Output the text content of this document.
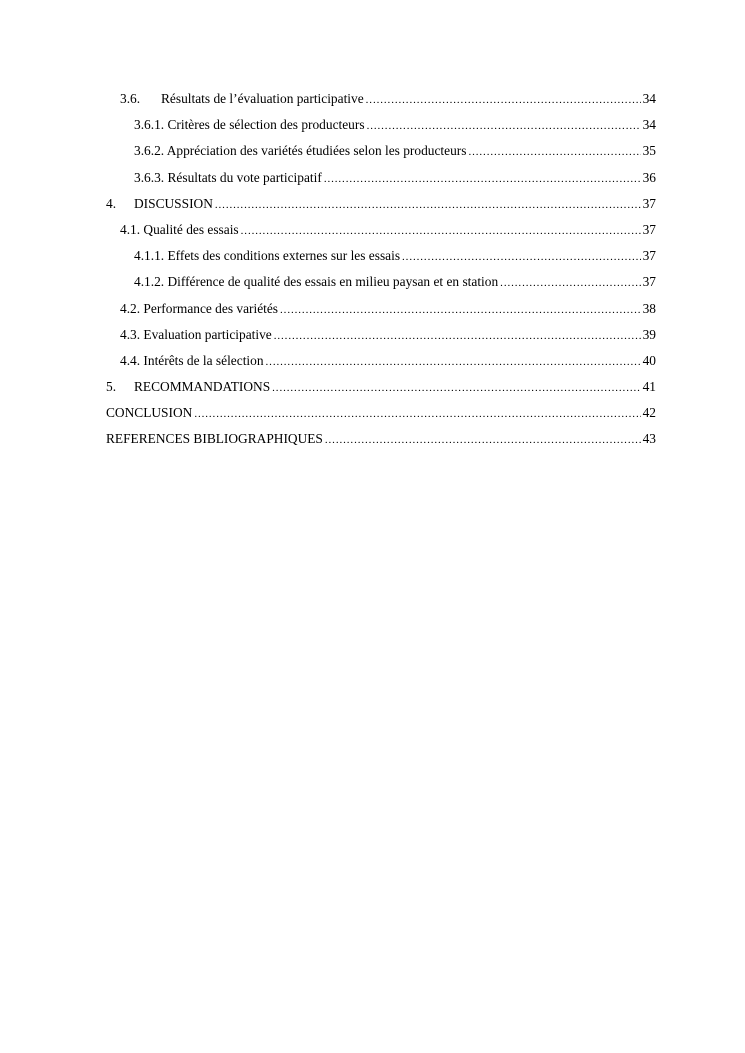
3.6.	Résultats de l’évaluation participative .....	34
3.6.1. Critères de sélection des producteurs .....	34
3.6.2. Appréciation des variétés étudiées selon les producteurs .....	35
3.6.3. Résultats du vote participatif .....	36
4.	DISCUSSION .....	37
4.1. Qualité des essais .....	37
4.1.1. Effets des conditions externes sur les essais .....	37
4.1.2. Différence de qualité des essais en milieu paysan et en station .....	37
4.2. Performance des variétés .....	38
4.3. Evaluation participative .....	39
4.4. Intérêts de la sélection .....	40
5.	RECOMMANDATIONS .....	41
CONCLUSION .....	42
REFERENCES BIBLIOGRAPHIQUES .....	43
